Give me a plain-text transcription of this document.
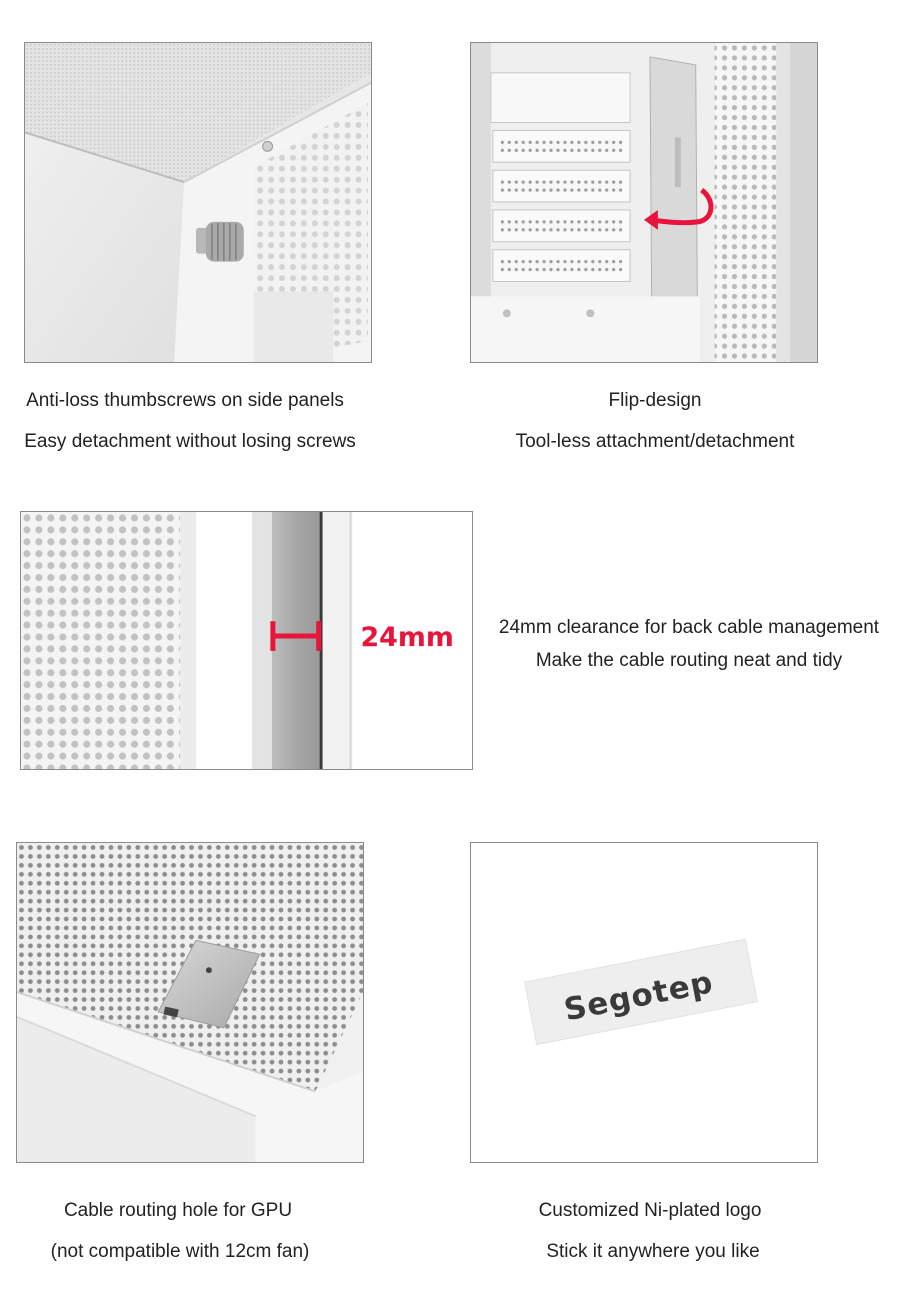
Anti-loss thumbscrews on side panels
Easy detachment without losing screws
Flip-design
Tool-less attachment/detachment
24mm	24mm clearance for back cable management
Make the cable routing neat and tidy
Cable routing hole for GPU
(not compatible with 12cm fan)
Segotep
Customized Ni-plated logo
Stick it anywhere you like
